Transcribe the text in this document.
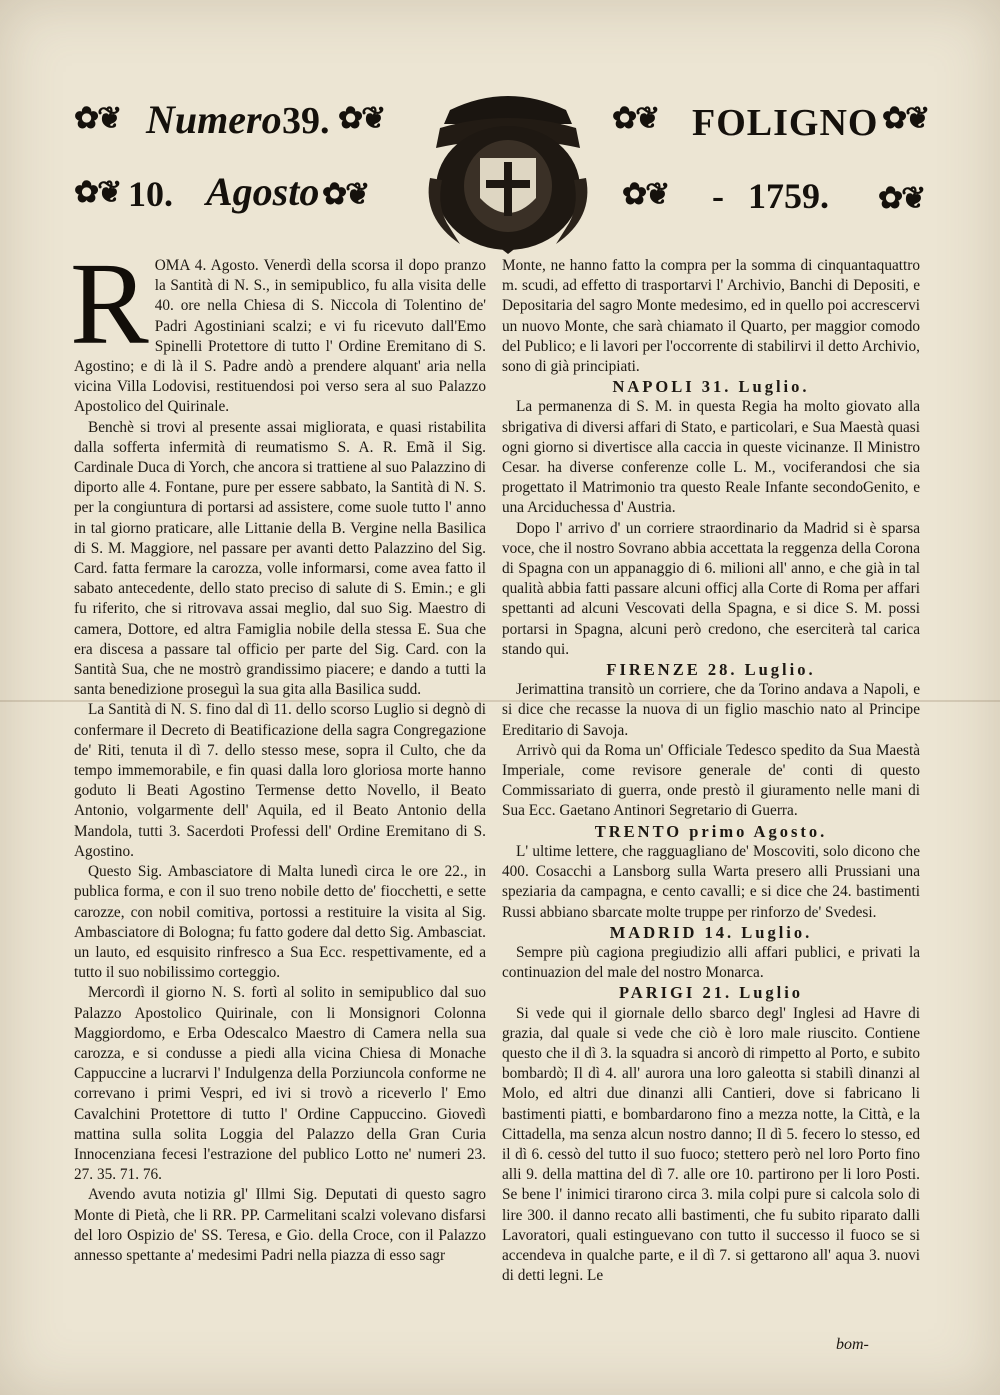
✿❦ Numero 39. ✿❦	✿❦ FOLIGNO ✿❦
✿❦ 10. Agosto ✿❦	✿❦ - 1759. ✿❦

ROMA 4. Agosto. Venerdì della scorsa il dopo pranzo la Santità di N. S., in semipublico, fu alla visita delle 40. ore nella Chiesa di S. Niccola di Tolentino de' Padri Agostiniani scalzi; e vi fu ricevuto dall'Emo Spinelli Protettore di tutto l' Ordine Eremitano di S. Agostino; e di là il S. Padre andò a prendere alquant' aria nella vicina Villa Lodovisi, restituendosi poi verso sera al suo Palazzo Apostolico del Quirinale.

Benchè si trovi al presente assai migliorata, e quasi ristabilita dalla sofferta infermità di reumatismo S. A. R. Emã il Sig. Cardinale Duca di Yorch, che ancora si trattiene al suo Palazzino di diporto alle 4. Fontane, pure per essere sabbato, la Santità di N. S. per la congiuntura di portarsi ad assistere, come suole tutto l' anno in tal giorno praticare, alle Littanie della B. Vergine nella Basilica di S. M. Maggiore, nel passare per avanti detto Palazzino del Sig. Card. fatta fermare la carozza, volle informarsi, come avea fatto il sabato antecedente, dello stato preciso di salute di S. Emin.; e gli fu riferito, che si ritrovava assai meglio, dal suo Sig. Maestro di camera, Dottore, ed altra Famiglia nobile della stessa E. Sua che era discesa a passare tal officio per parte del Sig. Card. con la Santità Sua, che ne mostrò grandissimo piacere; e dando a tutti la santa benedizione proseguì la sua gita alla Basilica sudd.

La Santità di N. S. fino dal dì 11. dello scorso Luglio si degnò di confermare il Decreto di Beatificazione della sagra Congregazione de' Riti, tenuta il dì 7. dello stesso mese, sopra il Culto, che da tempo immemorabile, e fin quasi dalla loro gloriosa morte hanno goduto li Beati Agostino Termense detto Novello, il Beato Antonio, volgarmente dell' Aquila, ed il Beato Antonio della Mandola, tutti 3. Sacerdoti Professi dell' Ordine Eremitano di S. Agostino.

Questo Sig. Ambasciatore di Malta lunedì circa le ore 22., in publica forma, e con il suo treno nobile detto de' fiocchetti, e sette carozze, con nobil comitiva, portossi a restituire la visita al Sig. Ambasciatore di Bologna; fu fatto godere dal detto Sig. Ambasciat. un lauto, ed esquisito rinfresco a Sua Ecc. respettivamente, ed a tutto il suo nobilissimo corteggio.

Mercordì il giorno N. S. fortì al solito in semipublico dal suo Palazzo Apostolico Quirinale, con li Monsignori Colonna Maggiordomo, e Erba Odescalco Maestro di Camera nella sua carozza, e si condusse a piedi alla vicina Chiesa di Monache Cappuccine a lucrarvi l' Indulgenza della Porziuncola conforme ne correvano i primi Vespri, ed ivi si trovò a riceverlo l' Emo Cavalchini Protettore di tutto l' Ordine Cappuccino. Giovedì mattina sulla solita Loggia del Palazzo della Gran Curia Innocenziana fecesi l'estrazione del publico Lotto ne' numeri 23. 27. 35. 71. 76.

Avendo avuta notizia gl' Illmi Sig. Deputati di questo sagro Monte di Pietà, che li RR. PP. Carmelitani scalzi volevano disfarsi del loro Ospizio de' SS. Teresa, e Gio. della Croce, con il Palazzo annesso spettante a' medesimi Padri nella piazza di esso sagr

Monte, ne hanno fatto la compra per la somma di cinquantaquattro m. scudi, ad effetto di trasportarvi l' Archivio, Banchi di Depositi, e Depositaria del sagro Monte medesimo, ed in quello poi accrescervi un nuovo Monte, che sarà chiamato il Quarto, per maggior comodo del Publico; e li lavori per l'occorrente di stabilirvi il detto Archivio, sono di già principiati.

NAPOLI 31. Luglio.

La permanenza di S. M. in questa Regia ha molto giovato alla sbrigativa di diversi affari di Stato, e particolari, e Sua Maestà quasi ogni giorno si divertisce alla caccia in queste vicinanze. Il Ministro Cesar. ha diverse conferenze colle L. M., vociferandosi che sia progettato il Matrimonio tra questo Reale Infante secondoGenito, e una Arciduchessa d' Austria.

Dopo l' arrivo d' un corriere straordinario da Madrid si è sparsa voce, che il nostro Sovrano abbia accettata la reggenza della Corona di Spagna con un appanaggio di 6. milioni all' anno, e che già in tal qualità abbia fatti passare alcuni officj alla Corte di Roma per affari spettanti ad alcuni Vescovati della Spagna, e si dice S. M. possi portarsi in Spagna, alcuni però credono, che eserciterà tal carica stando qui.

FIRENZE 28. Luglio.

Jerimattina transitò un corriere, che da Torino andava a Napoli, e si dice che recasse la nuova di un figlio maschio nato al Principe Ereditario di Savoja.

Arrivò qui da Roma un' Officiale Tedesco spedito da Sua Maestà Imperiale, come revisore generale de' conti di questo Commissariato di guerra, onde prestò il giuramento nelle mani di Sua Ecc. Gaetano Antinori Segretario di Guerra.

TRENTO primo Agosto.

L' ultime lettere, che ragguagliano de' Moscoviti, solo dicono che 400. Cosacchi a Lansborg sulla Warta presero alli Prussiani una speziaria da campagna, e cento cavalli; e si dice che 24. bastimenti Russi abbiano sbarcate molte truppe per rinforzo de' Svedesi.

MADRID 14. Luglio.

Sempre più cagiona pregiudizio alli affari publici, e privati la continuazion del male del nostro Monarca.

PARIGI 21. Luglio

Si vede qui il giornale dello sbarco degl' Inglesi ad Havre di grazia, dal quale si vede che ciò è loro male riuscito. Contiene questo che il dì 3. la squadra si ancorò di rimpetto al Porto, e subito bombardò; Il dì 4. all' aurora una loro galeotta si stabilì dinanzi al Molo, ed altri due dinanzi alli Cantieri, dove si fabricano li bastimenti piatti, e bombardarono fino a mezza notte, la Città, e la Cittadella, ma senza alcun nostro danno; Il dì 5. fecero lo stesso, ed il dì 6. cessò del tutto il suo fuoco; stettero però nel loro Porto fino alli 9. della mattina del dì 7. alle ore 10. partirono per li loro Posti. Se bene l' inimici tirarono circa 3. mila colpi pure si calcola solo di lire 300. il danno recato alli bastimenti, che fu subito riparato dalli Lavoratori, quali estinguevano con tutto il successo il fuoco se si accendeva in qualche parte, e il dì 7. si gettarono all' aqua 3. nuovi di detti legni. Le

bom-
